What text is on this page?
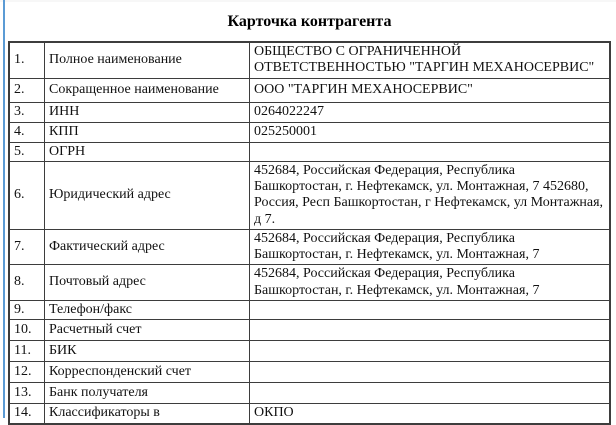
Карточка контрагента
1.	Полное наименование	ОБЩЕСТВО С ОГРАНИЧЕННОЙ ОТВЕТСТВЕННОСТЬЮ "ТАРГИН МЕХАНОСЕРВИС"
2.	Сокращенное наименование	ООО "ТАРГИН МЕХАНОСЕРВИС"
3.	ИНН	0264022247
4.	КПП	025250001
5.	ОГРН	
6.	Юридический адрес	452684, Российская Федерация, Республика Башкортостан, г. Нефтекамск, ул. Монтажная, 7 452680, Россия, Респ Башкортостан, г Нефтекамск, ул Монтажная, д 7.
7.	Фактический адрес	452684, Российская Федерация, Республика Башкортостан, г. Нефтекамск, ул. Монтажная, 7
8.	Почтовый адрес	452684, Российская Федерация, Республика Башкортостан, г. Нефтекамск, ул. Монтажная, 7
9.	Телефон/факс	
10.	Расчетный счет	
11.	БИК	
12.	Корреспонденский счет	
13.	Банк получателя	
14.	Классификаторы в	ОКПО
